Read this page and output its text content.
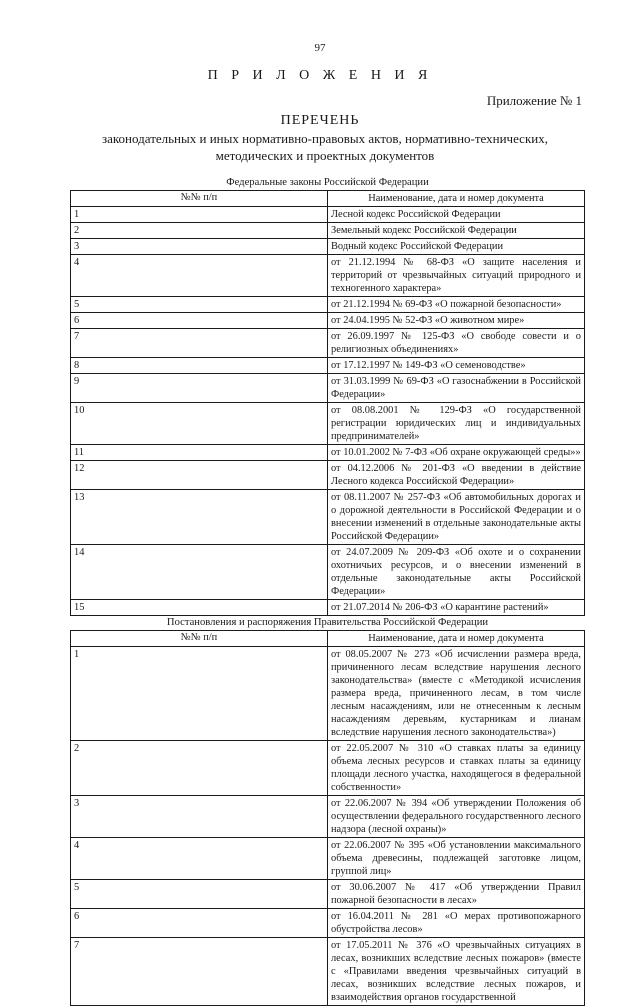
97
П Р И Л О Ж Е Н И Я
Приложение № 1
ПЕРЕЧЕНЬ
законодательных и иных нормативно-правовых актов, нормативно-технических, методических и проектных документов
Федеральные законы Российской Федерации	
№№ п/п	Наименование, дата и номер документа
1	Лесной кодекс Российской Федерации
2	Земельный кодекс Российской Федерации
3	Водный кодекс Российской Федерации
4	от 21.12.1994 № 68-ФЗ «О защите населения и территорий от чрезвычайных ситуаций природного и техногенного характера»
5	от 21.12.1994 № 69-ФЗ «О пожарной безопасности»
6	от 24.04.1995 № 52-ФЗ «О животном мире»
7	от 26.09.1997 № 125-ФЗ «О свободе совести и о религиозных объединениях»
8	от 17.12.1997 № 149-ФЗ «О семеноводстве»
9	от 31.03.1999 № 69-ФЗ «О газоснабжении в Российской Федерации»
10	от 08.08.2001 № 129-ФЗ «О государственной регистрации юридических лиц и индивидуальных предпринимателей»
11	от 10.01.2002 № 7-ФЗ «Об охране окружающей среды»»
12	от 04.12.2006 № 201-ФЗ «О введении в действие Лесного кодекса Российской Федерации»
13	от 08.11.2007 № 257-ФЗ «Об автомобильных дорогах и о дорожной деятельности в Российской Федерации и о внесении изменений в отдельные законодательные акты Российской Федерации»
14	от 24.07.2009 № 209-ФЗ «Об охоте и о сохранении охотничьих ресурсов, и о внесении изменений в отдельные законодательные акты Российской Федерации»
15	от 21.07.2014 № 206-ФЗ «О карантине растений»
Постановления и распоряжения Правительства Российской Федерации	
№№ п/п	Наименование, дата и номер документа
1	от 08.05.2007 № 273 «Об исчислении размера вреда, причиненного лесам вследствие нарушения лесного законодательства» (вместе с «Методикой исчисления размера вреда, причиненного лесам, в том числе лесным насаждениям, или не отнесенным к лесным насаждениям деревьям, кустарникам и лианам вследствие нарушения лесного законодательства»)
2	от 22.05.2007 № 310 «О ставках платы за единицу объема лесных ресурсов и ставках платы за единицу площади лесного участка, находящегося в федеральной собственности»
3	от 22.06.2007 № 394 «Об утверждении Положения об осуществлении федерального государственного лесного надзора (лесной охраны)»
4	от 22.06.2007 № 395 «Об установлении максимального объема древесины, подлежащей заготовке лицом, группой лиц»
5	от 30.06.2007 № 417 «Об утверждении Правил пожарной безопасности в лесах»
6	от 16.04.2011 № 281 «О мерах противопожарного обустройства лесов»
7	от 17.05.2011 № 376 «О чрезвычайных ситуациях в лесах, возникших вследствие лесных пожаров» (вместе с «Правилами введения чрезвычайных ситуаций в лесах, возникших вследствие лесных пожаров, и взаимодействия органов государственной
